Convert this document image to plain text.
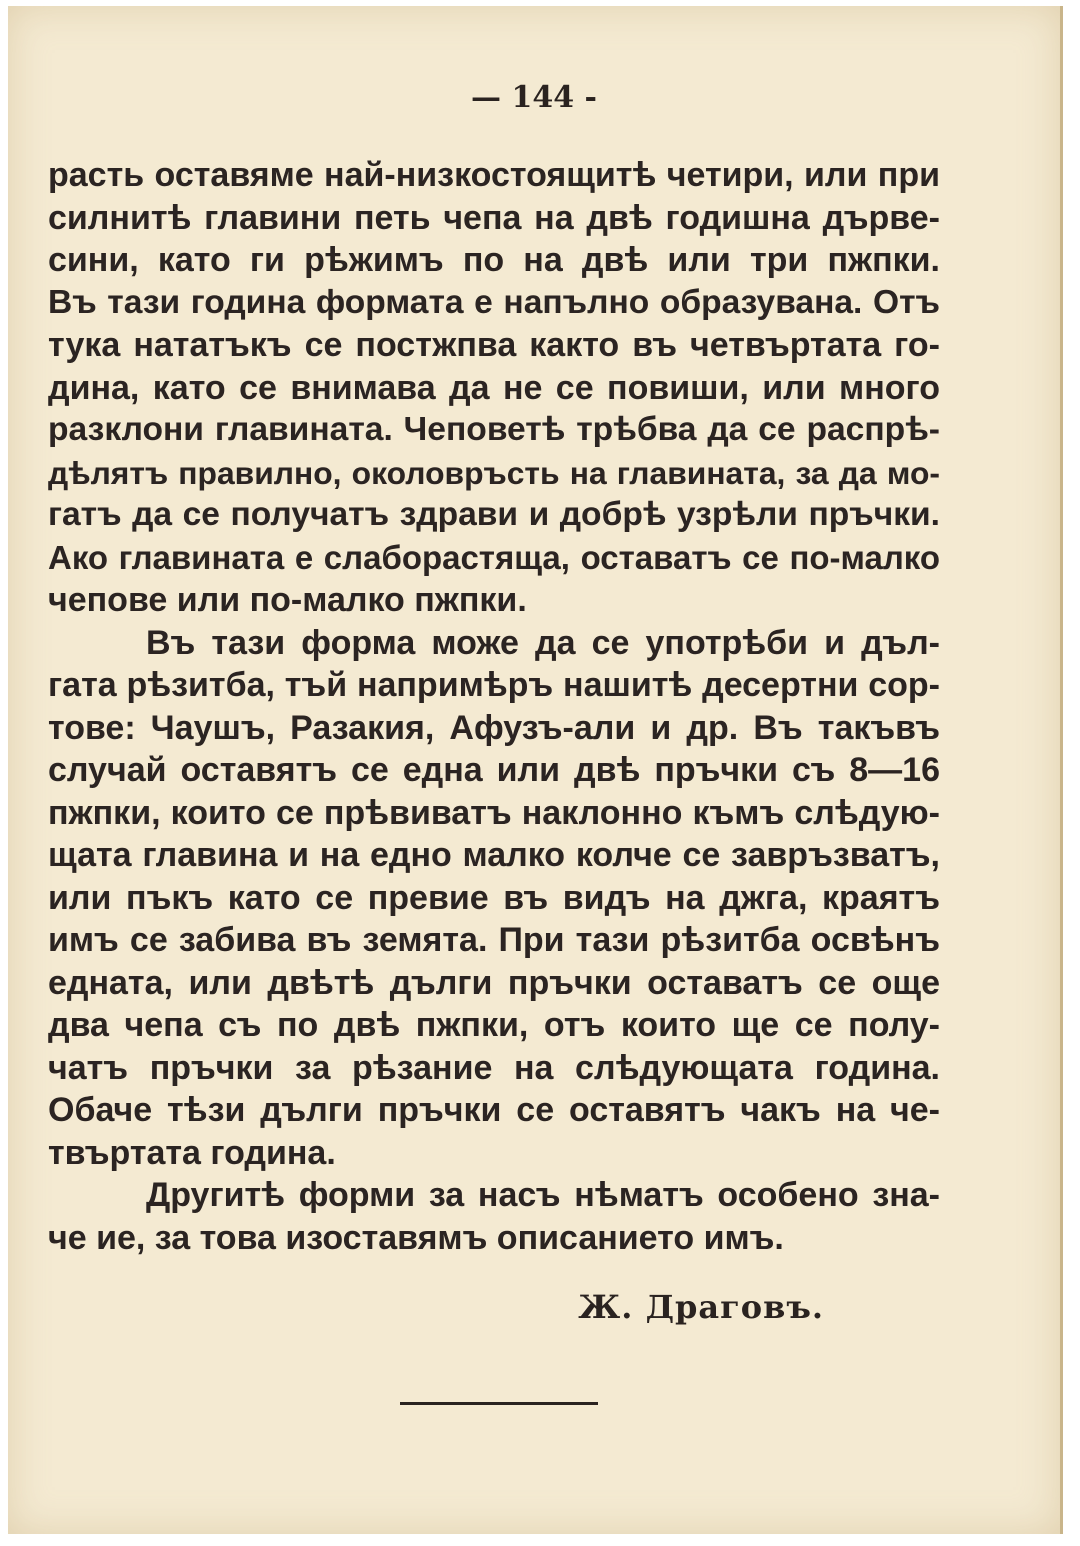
— 144 -
расть оставяме най-низкостоящитѣ четири, или при
силнитѣ главини петь чепа на двѣ годишна дърве-
сини, като ги рѣжимъ по на двѣ или три пжпки.
Въ тази година формата е напълно образувана. Отъ
тука нататъкъ се постжпва както въ четвъртата го-
дина, като се внимава да не се повиши, или много
разклони главината. Чеповетѣ трѣбва да се распрѣ-
дѣлятъ правилно, околовръсть на главината, за да мо-
гатъ да се получатъ здрави и добрѣ узрѣли пръчки.
Ако главината е слаборастяща, оставатъ се по-малко
чепове или по-малко пжпки.
Въ тази форма може да се употрѣби и дъл-
гата рѣзитба, тъй напримѣръ нашитѣ десертни сор-
тове: Чаушъ, Разакия, Афузъ-али и др. Въ такъвъ
случай оставятъ се една или двѣ пръчки съ 8—16
пжпки, които се прѣвиватъ наклонно къмъ слѣдую-
щата главина и на едно малко колче се завръзватъ,
или пъкъ като се превие въ видъ на джга, краятъ
имъ се забива въ земята. При тази рѣзитба освѣнъ
едната, или двѣтѣ дълги пръчки оставатъ се още
два чепа съ по двѣ пжпки, отъ които ще се полу-
чатъ пръчки за рѣзание на слѣдующата година.
Обаче тѣзи дълги пръчки се оставятъ чакъ на че-
твъртата година.
Другитѣ форми за насъ нѣматъ особено зна-
че ие, за това изоставямъ описанието имъ.
Ж. Драговъ.
